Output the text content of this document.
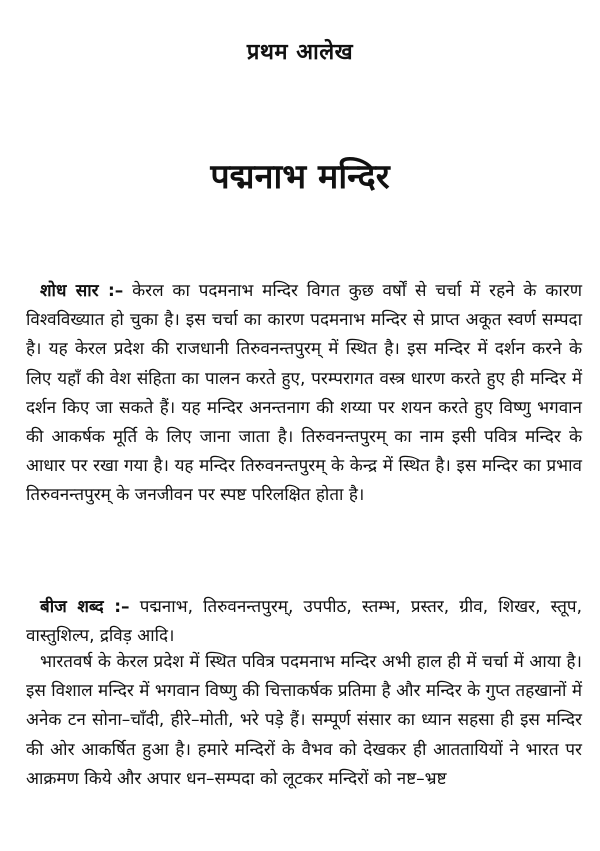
प्रथम आलेख
पद्मनाभ मन्दिर

शोध सार :– केरल का पदमनाभ मन्दिर विगत कुछ वर्षों से चर्चा में रहने के कारण विश्वविख्यात हो चुका है। इस चर्चा का कारण पदमनाभ मन्दिर से प्राप्त अकूत स्वर्ण सम्पदा है। यह केरल प्रदेश की राजधानी तिरुवनन्तपुरम् में स्थित है। इस मन्दिर में दर्शन करने के लिए यहाँ की वेश संहिता का पालन करते हुए, परम्परागत वस्त्र धारण करते हुए ही मन्दिर में दर्शन किए जा सकते हैं। यह मन्दिर अनन्तनाग की शय्या पर शयन करते हुए विष्णु भगवान की आकर्षक मूर्ति के लिए जाना जाता है। तिरुवनन्तपुरम् का नाम इसी पवित्र मन्दिर के आधार पर रखा गया है। यह मन्दिर तिरुवनन्तपुरम् के केन्द्र में स्थित है। इस मन्दिर का प्रभाव तिरुवनन्तपुरम् के जनजीवन पर स्पष्ट परिलक्षित होता है।

बीज शब्द :– पद्मनाभ, तिरुवनन्तपुरम्, उपपीठ, स्तम्भ, प्रस्तर, ग्रीव, शिखर, स्तूप, वास्तुशिल्प, द्रविड़ आदि।

भारतवर्ष के केरल प्रदेश में स्थित पवित्र पदमनाभ मन्दिर अभी हाल ही में चर्चा में आया है। इस विशाल मन्दिर में भगवान विष्णु की चित्ताकर्षक प्रतिमा है और मन्दिर के गुप्त तहखानों में अनेक टन सोना–चाँदी, हीरे–मोती, भरे पड़े हैं। सम्पूर्ण संसार का ध्यान सहसा ही इस मन्दिर की ओर आकर्षित हुआ है। हमारे मन्दिरों के वैभव को देखकर ही आततायियों ने भारत पर आक्रमण किये और अपार धन–सम्पदा को लूटकर मन्दिरों को नष्ट–भ्रष्ट
